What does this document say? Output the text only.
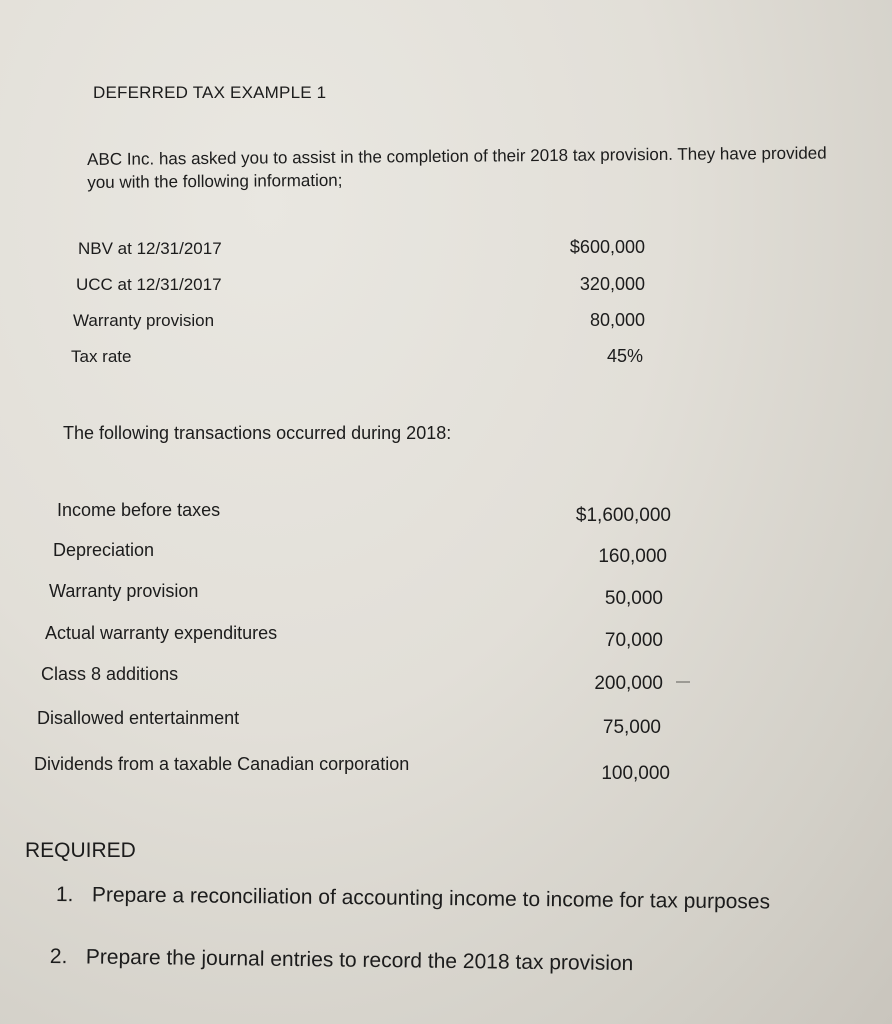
DEFERRED TAX EXAMPLE 1
ABC Inc. has asked you to assist in the completion of their 2018 tax provision. They have provided you with the following information;
NBV at 12/31/2017	$600,000
UCC at 12/31/2017	320,000
Warranty provision	80,000
Tax rate	45%
The following transactions occurred during 2018:
Income before taxes	$1,600,000
Depreciation	160,000
Warranty provision	50,000
Actual warranty expenditures	70,000
Class 8 additions	200,000
Disallowed entertainment	75,000
Dividends from a taxable Canadian corporation	100,000
REQUIRED
1. Prepare a reconciliation of accounting income to income for tax purposes
2. Prepare the journal entries to record the 2018 tax provision
